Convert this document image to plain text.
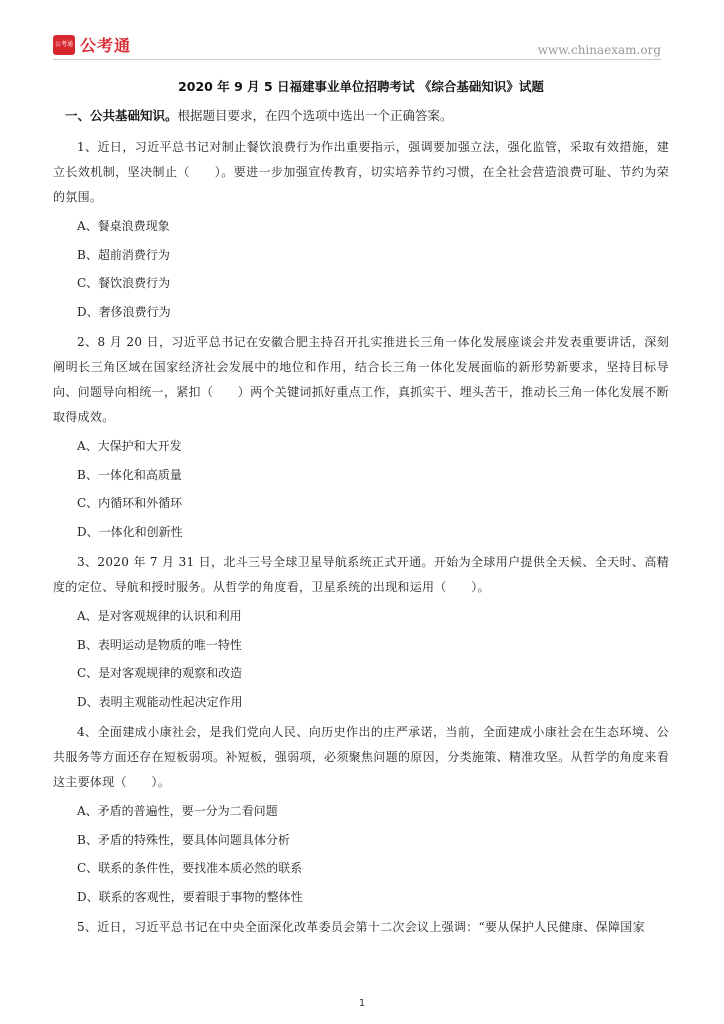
公考通 公考通	www.chinaexam.org
2020 年 9 月 5 日福建事业单位招聘考试 《综合基础知识》试题
一、公共基础知识。根据题目要求，在四个选项中选出一个正确答案。

1、近日，习近平总书记对制止餐饮浪费行为作出重要指示，强调要加强立法，强化监管，采取有效措施，建立长效机制，坚决制止（　　）。要进一步加强宣传教育，切实培养节约习惯，在全社会营造浪费可耻、节约为荣的氛围。

A、餐桌浪费现象

B、超前消费行为

C、餐饮浪费行为

D、奢侈浪费行为

2、8 月 20 日，习近平总书记在安徽合肥主持召开扎实推进长三角一体化发展座谈会并发表重要讲话，深刻阐明长三角区域在国家经济社会发展中的地位和作用，结合长三角一体化发展面临的新形势新要求，坚持目标导向、问题导向相统一，紧扣（　　）两个关键词抓好重点工作，真抓实干、埋头苦干，推动长三角一体化发展不断取得成效。

A、大保护和大开发

B、一体化和高质量

C、内循环和外循环

D、一体化和创新性

3、2020 年 7 月 31 日，北斗三号全球卫星导航系统正式开通。开始为全球用户提供全天候、全天时、高精度的定位、导航和授时服务。从哲学的角度看，卫星系统的出现和运用（　　）。

A、是对客观规律的认识和利用

B、表明运动是物质的唯一特性

C、是对客观规律的观察和改造

D、表明主观能动性起决定作用

4、全面建成小康社会，是我们党向人民、向历史作出的庄严承诺，当前，全面建成小康社会在生态环境、公共服务等方面还存在短板弱项。补短板，强弱项，必须聚焦问题的原因，分类施策、精准攻坚。从哲学的角度来看这主要体现（　　）。

A、矛盾的普遍性，要一分为二看问题

B、矛盾的特殊性，要具体问题具体分析

C、联系的条件性，要找准本质必然的联系

D、联系的客观性，要着眼于事物的整体性

5、近日，习近平总书记在中央全面深化改革委员会第十二次会议上强调：“要从保护人民健康、保障国家

1
